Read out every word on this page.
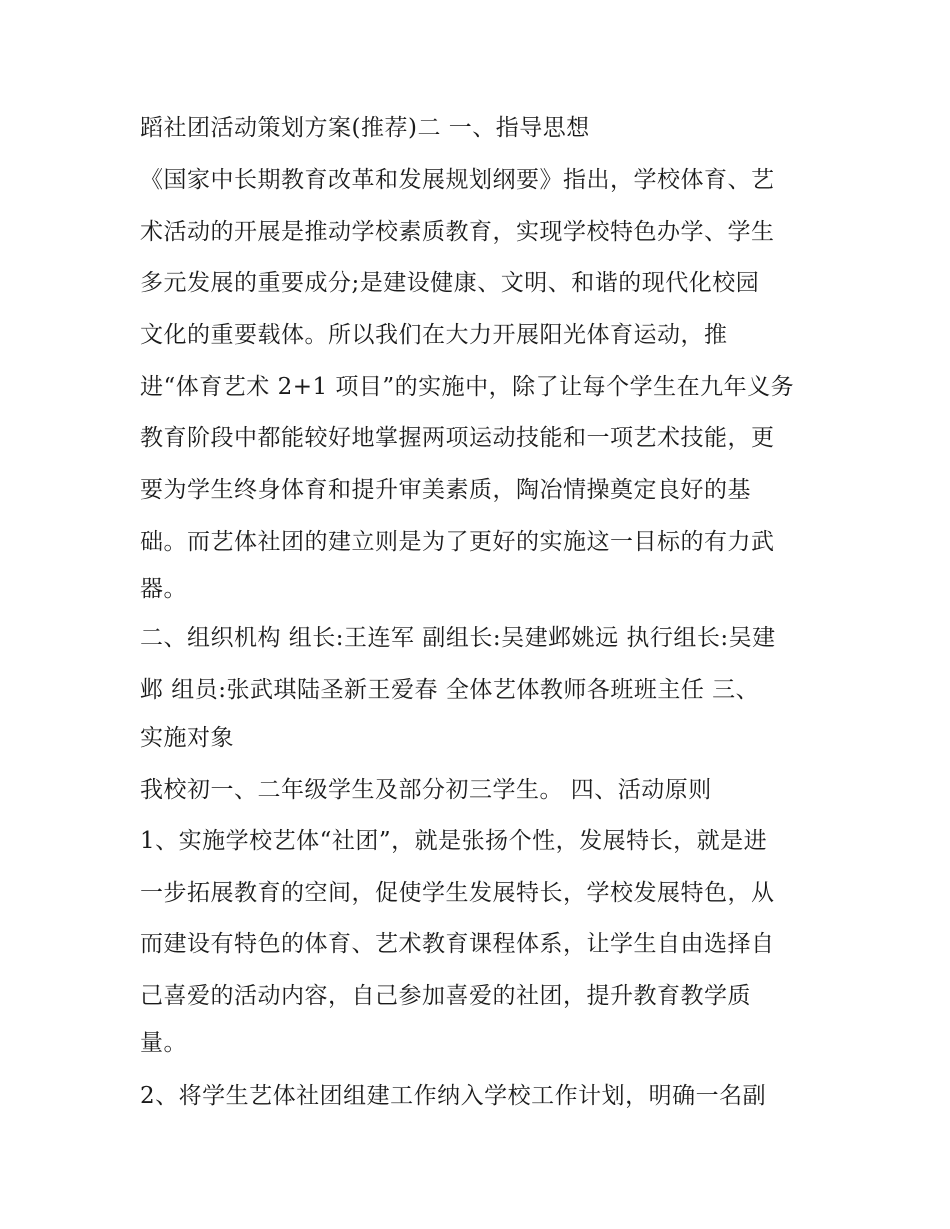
蹈社团活动策划方案(推荐)二 一、指导思想

《国家中长期教育改革和发展规划纲要》指出，学校体育、艺

术活动的开展是推动学校素质教育，实现学校特色办学、学生

多元发展的重要成分;是建设健康、文明、和谐的现代化校园

文化的重要载体。所以我们在大力开展阳光体育运动，推

进“体育艺术 2+1 项目”的实施中，除了让每个学生在九年义务

教育阶段中都能较好地掌握两项运动技能和一项艺术技能，更

要为学生终身体育和提升审美素质，陶冶情操奠定良好的基

础。而艺体社团的建立则是为了更好的实施这一目标的有力武

器。

二、组织机构 组长:王连军 副组长:吴建邺姚远 执行组长:吴建

邺 组员:张武琪陆圣新王爱春 全体艺体教师各班班主任 三、

实施对象

我校初一、二年级学生及部分初三学生。 四、活动原则

1、实施学校艺体“社团”，就是张扬个性，发展特长，就是进

一步拓展教育的空间，促使学生发展特长，学校发展特色，从

而建设有特色的体育、艺术教育课程体系，让学生自由选择自

己喜爱的活动内容，自己参加喜爱的社团，提升教育教学质

量。

2、将学生艺体社团组建工作纳入学校工作计划，明确一名副
